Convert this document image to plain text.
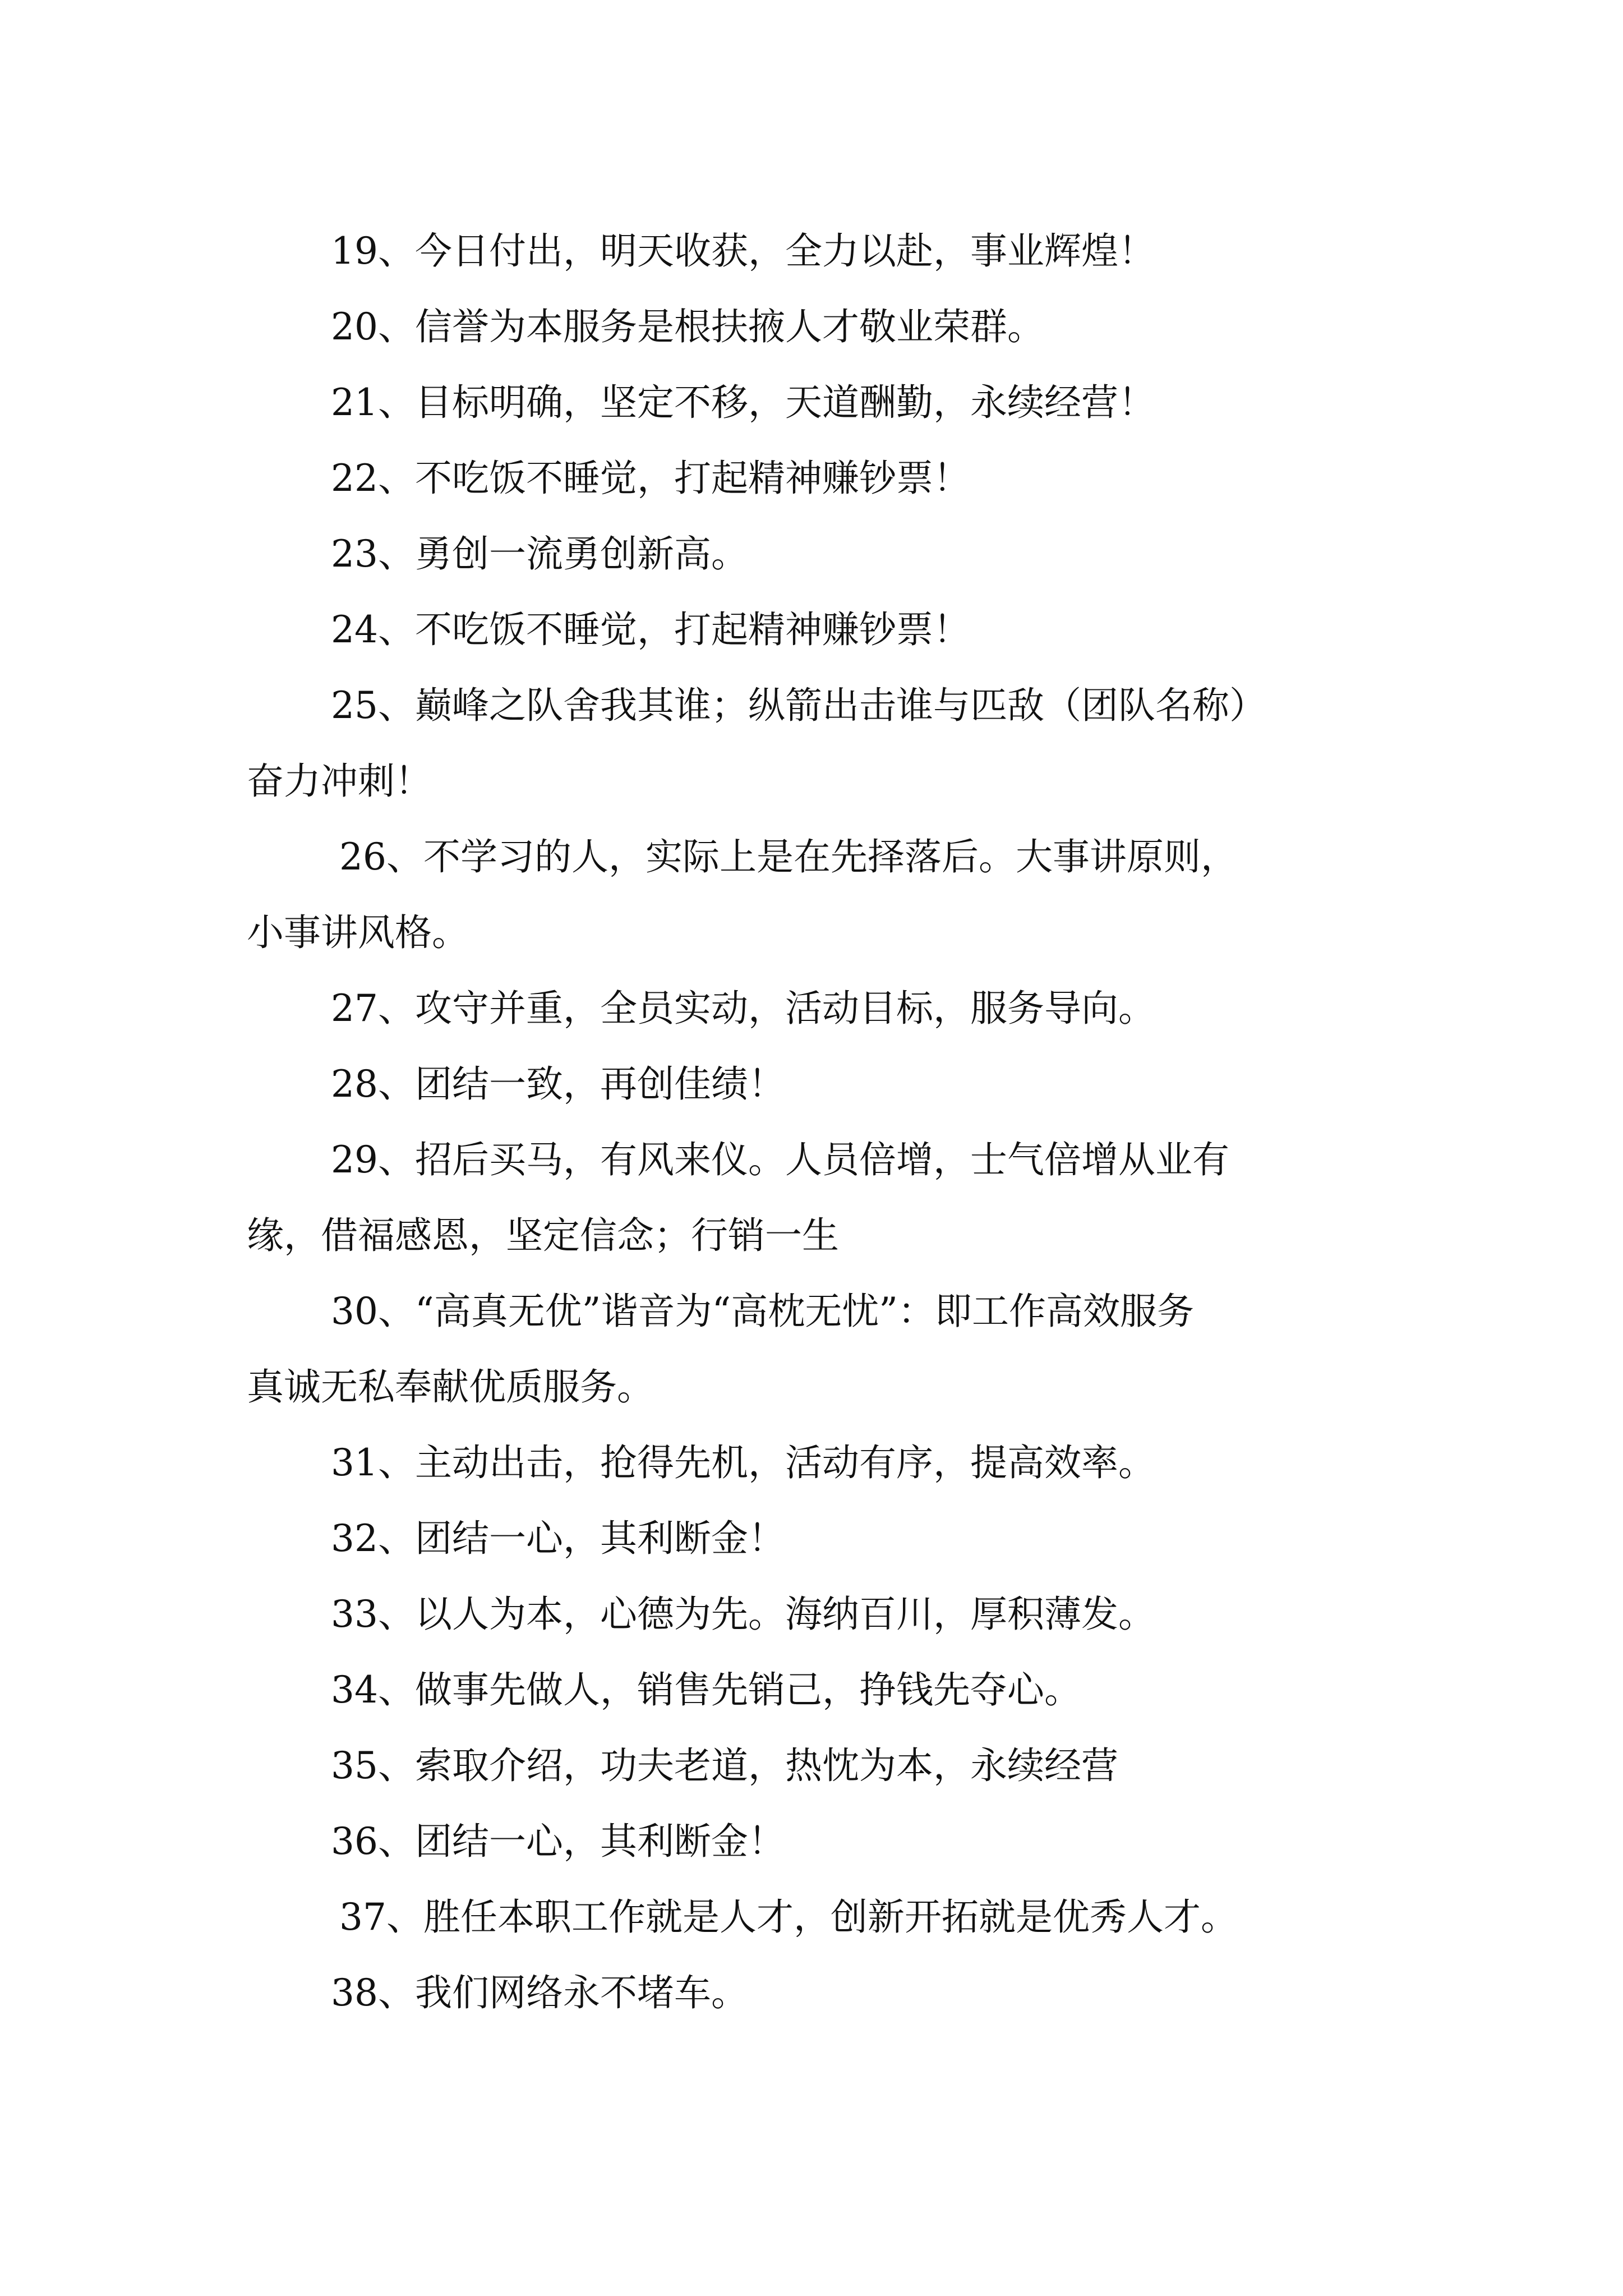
19、今日付出，明天收获，全力以赴，事业辉煌！

20、信誉为本服务是根扶掖人才敬业荣群。

21、目标明确，坚定不移，天道酬勤，永续经营！

22、不吃饭不睡觉，打起精神赚钞票！

23、勇创一流勇创新高。

24、不吃饭不睡觉，打起精神赚钞票！

25、巅峰之队舍我其谁；纵箭出击谁与匹敌（团队名称）

奋力冲刺！

26、不学习的人，实际上是在先择落后。大事讲原则，

小事讲风格。

27、攻守并重，全员实动，活动目标，服务导向。

28、团结一致，再创佳绩！

29、招后买马，有风来仪。人员倍增，士气倍增从业有

缘，借福感恩，坚定信念；行销一生

30、“高真无优”谐音为“高枕无忧”：即工作高效服务

真诚无私奉献优质服务。

31、主动出击，抢得先机，活动有序，提高效率。

32、团结一心，其利断金！

33、以人为本，心德为先。海纳百川，厚积薄发。

34、做事先做人，销售先销己，挣钱先夺心。

35、索取介绍，功夫老道，热忱为本，永续经营

36、团结一心，其利断金！

37、胜任本职工作就是人才，创新开拓就是优秀人才。

38、我们网络永不堵车。
